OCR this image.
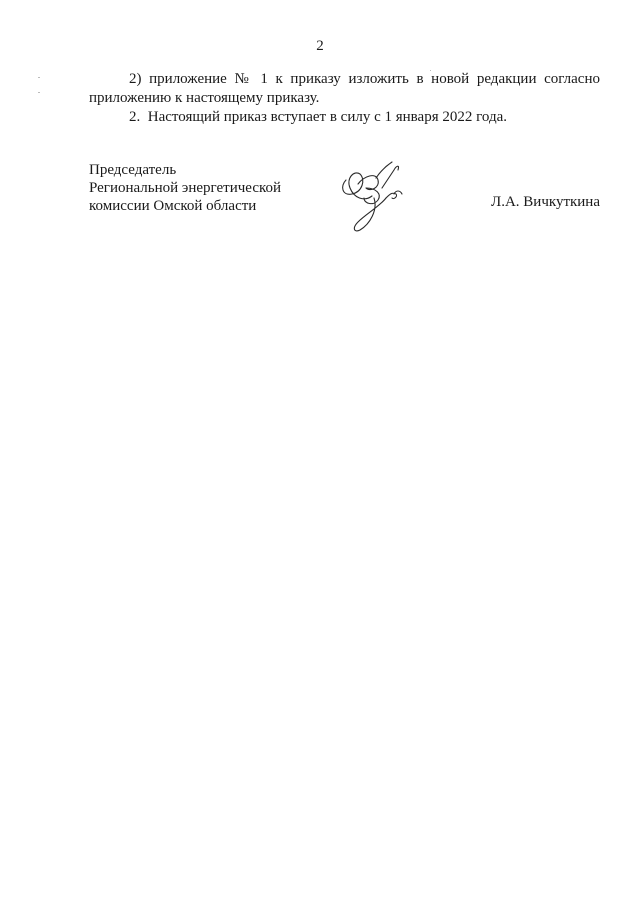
2

2) приложение № 1 к приказу изложить в новой редакции согласно

приложению к настоящему приказу.

2.  Настоящий приказ вступает в силу с 1 января 2022 года.

Председатель
Региональной энергетической
комиссии Омской области	Л.А. Вичкуткина
